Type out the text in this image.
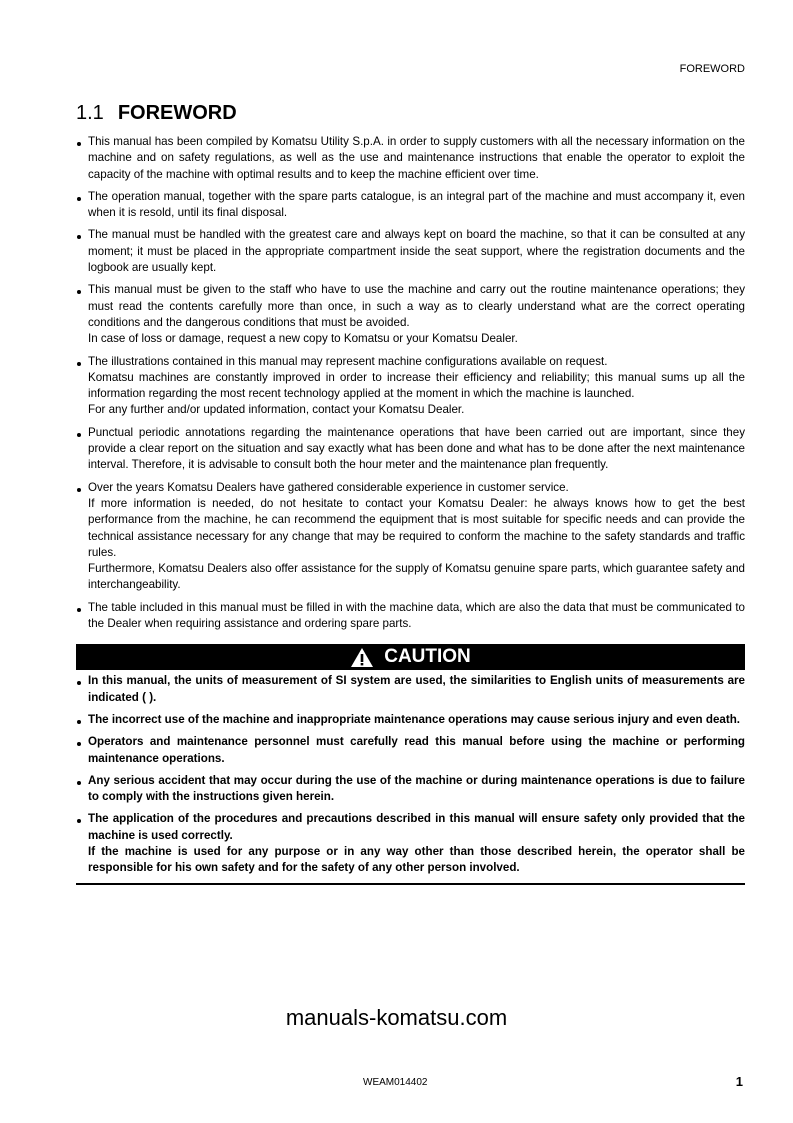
FOREWORD
1.1 FOREWORD

This manual has been compiled by Komatsu Utility S.p.A. in order to supply customers with all the necessary information on the machine and on safety regulations, as well as the use and maintenance instructions that enable the operator to exploit the capacity of the machine with optimal results and to keep the machine efficient over time.

The operation manual, together with the spare parts catalogue, is an integral part of the machine and must accompany it, even when it is resold, until its final disposal.

The manual must be handled with the greatest care and always kept on board the machine, so that it can be consulted at any moment; it must be placed in the appropriate compartment inside the seat support, where the registration documents and the logbook are usually kept.

This manual must be given to the staff who have to use the machine and carry out the routine maintenance operations; they must read the contents carefully more than once, in such a way as to clearly understand what are the correct operating conditions and the dangerous conditions that must be avoided.

In case of loss or damage, request a new copy to Komatsu or your Komatsu Dealer.

The illustrations contained in this manual may represent machine configurations available on request.

Komatsu machines are constantly improved in order to increase their efficiency and reliability; this manual sums up all the information regarding the most recent technology applied at the moment in which the machine is launched.

For any further and/or updated information, contact your Komatsu Dealer.

Punctual periodic annotations regarding the maintenance operations that have been carried out are important, since they provide a clear report on the situation and say exactly what has been done and what has to be done after the next maintenance interval. Therefore, it is advisable to consult both the hour meter and the maintenance plan frequently.

Over the years Komatsu Dealers have gathered considerable experience in customer service.

If more information is needed, do not hesitate to contact your Komatsu Dealer: he always knows how to get the best performance from the machine, he can recommend the equipment that is most suitable for specific needs and can provide the technical assistance necessary for any change that may be required to conform the machine to the safety standards and traffic rules.

Furthermore, Komatsu Dealers also offer assistance for the supply of Komatsu genuine spare parts, which guarantee safety and interchangeability.

The table included in this manual must be filled in with the machine data, which are also the data that must be communicated to the Dealer when requiring assistance and ordering spare parts.

CAUTION

In this manual, the units of measurement of SI system are used, the similarities to English units of measurements are indicated ( ).

The incorrect use of the machine and inappropriate maintenance operations may cause serious injury and even death.

Operators and maintenance personnel must carefully read this manual before using the machine or performing maintenance operations.

Any serious accident that may occur during the use of the machine or during maintenance operations is due to failure to comply with the instructions given herein.

The application of the procedures and precautions described in this manual will ensure safety only provided that the machine is used correctly.

If the machine is used for any purpose or in any way other than those described herein, the operator shall be responsible for his own safety and for the safety of any other person involved.

manuals-komatsu.com
WEAM014402	1
